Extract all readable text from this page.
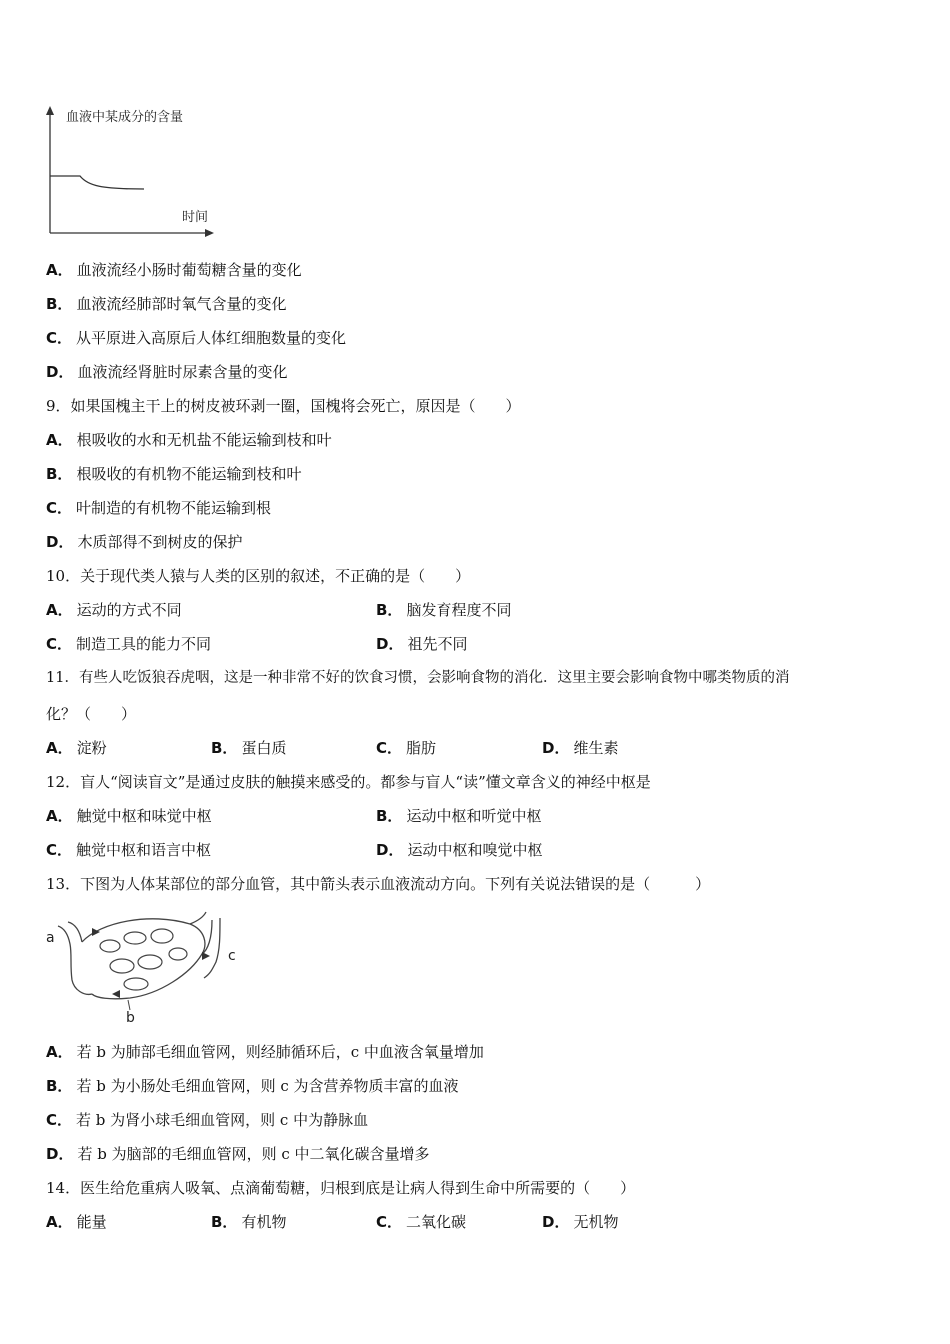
血液中某成分的含量
时间
A． 血液流经小肠时葡萄糖含量的变化
B． 血液流经肺部时氧气含量的变化
C． 从平原进入高原后人体红细胞数量的变化
D． 血液流经肾脏时尿素含量的变化
9．如果国槐主干上的树皮被环剥一圈，国槐将会死亡，原因是（　　）
A． 根吸收的水和无机盐不能运输到枝和叶
B． 根吸收的有机物不能运输到枝和叶
C． 叶制造的有机物不能运输到根
D． 木质部得不到树皮的保护
10．关于现代类人猿与人类的区别的叙述，不正确的是（　　）
A． 运动的方式不同	B． 脑发育程度不同
C． 制造工具的能力不同	D． 祖先不同
11．有些人吃饭狼吞虎咽，这是一种非常不好的饮食习惯，会影响食物的消化．这里主要会影响食物中哪类物质的消
化？（　　）
A． 淀粉	B． 蛋白质	C． 脂肪	D． 维生素
12．盲人“阅读盲文”是通过皮肤的触摸来感受的。都参与盲人“读”懂文章含义的神经中枢是
A． 触觉中枢和味觉中枢	B． 运动中枢和听觉中枢
C． 触觉中枢和语言中枢	D． 运动中枢和嗅觉中枢
13．下图为人体某部位的部分血管，其中箭头表示血液流动方向。下列有关说法错误的是（　　　）
a
b
c
A． 若 b 为肺部毛细血管网，则经肺循环后，c 中血液含氧量增加
B． 若 b 为小肠处毛细血管网，则 c 为含营养物质丰富的血液
C． 若 b 为肾小球毛细血管网，则 c 中为静脉血
D． 若 b 为脑部的毛细血管网，则 c 中二氧化碳含量增多
14．医生给危重病人吸氧、点滴葡萄糖，归根到底是让病人得到生命中所需要的（　　）
A． 能量	B． 有机物	C． 二氧化碳	D． 无机物
